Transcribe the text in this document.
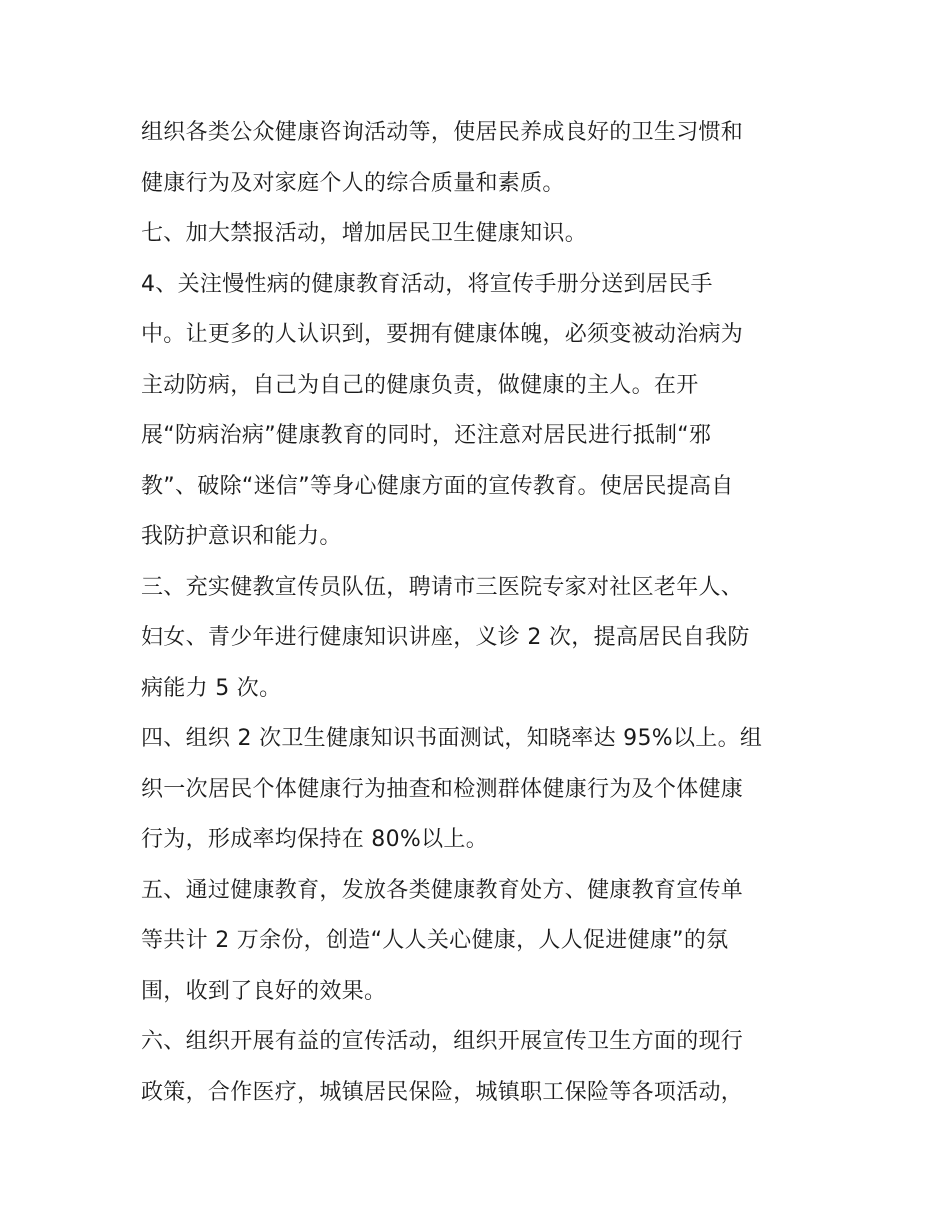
组织各类公众健康咨询活动等，使居民养成良好的卫生习惯和
健康行为及对家庭个人的综合质量和素质。
七、加大禁报活动，增加居民卫生健康知识。
4、关注慢性病的健康教育活动，将宣传手册分送到居民手
中。让更多的人认识到，要拥有健康体魄，必须变被动治病为
主动防病，自己为自己的健康负责，做健康的主人。在开
展“防病治病”健康教育的同时，还注意对居民进行抵制“邪
教”、破除“迷信”等身心健康方面的宣传教育。使居民提高自
我防护意识和能力。
三、充实健教宣传员队伍，聘请市三医院专家对社区老年人、
妇女、青少年进行健康知识讲座，义诊 2 次，提高居民自我防
病能力 5 次。
四、组织 2 次卫生健康知识书面测试，知晓率达 95%以上。组
织一次居民个体健康行为抽查和检测群体健康行为及个体健康
行为，形成率均保持在 80%以上。
五、通过健康教育，发放各类健康教育处方、健康教育宣传单
等共计 2 万余份，创造“人人关心健康，人人促进健康”的氛
围，收到了良好的效果。
六、组织开展有益的宣传活动，组织开展宣传卫生方面的现行
政策，合作医疗，城镇居民保险，城镇职工保险等各项活动，
